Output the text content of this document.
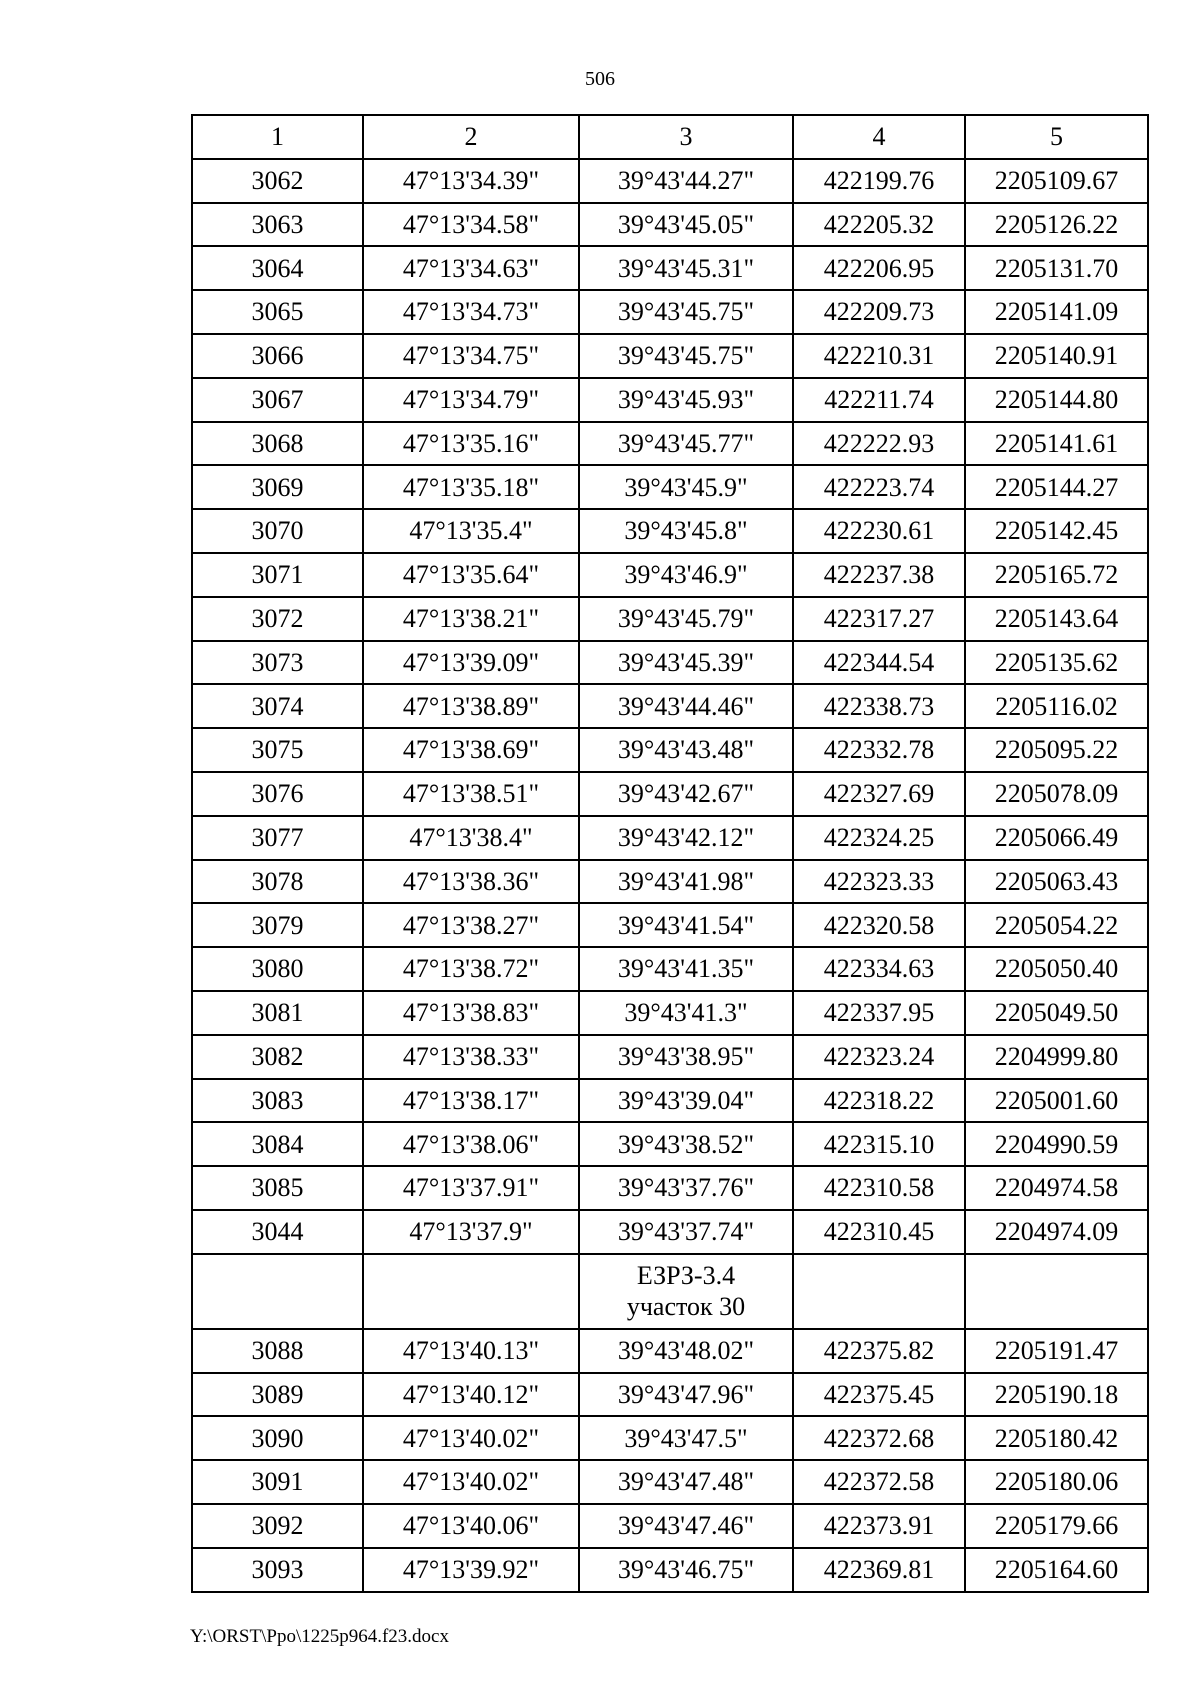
506
1	2	3	4	5
3062	47°13'34.39"	39°43'44.27"	422199.76	2205109.67
3063	47°13'34.58"	39°43'45.05"	422205.32	2205126.22
3064	47°13'34.63"	39°43'45.31"	422206.95	2205131.70
3065	47°13'34.73"	39°43'45.75"	422209.73	2205141.09
3066	47°13'34.75"	39°43'45.75"	422210.31	2205140.91
3067	47°13'34.79"	39°43'45.93"	422211.74	2205144.80
3068	47°13'35.16"	39°43'45.77"	422222.93	2205141.61
3069	47°13'35.18"	39°43'45.9"	422223.74	2205144.27
3070	47°13'35.4"	39°43'45.8"	422230.61	2205142.45
3071	47°13'35.64"	39°43'46.9"	422237.38	2205165.72
3072	47°13'38.21"	39°43'45.79"	422317.27	2205143.64
3073	47°13'39.09"	39°43'45.39"	422344.54	2205135.62
3074	47°13'38.89"	39°43'44.46"	422338.73	2205116.02
3075	47°13'38.69"	39°43'43.48"	422332.78	2205095.22
3076	47°13'38.51"	39°43'42.67"	422327.69	2205078.09
3077	47°13'38.4"	39°43'42.12"	422324.25	2205066.49
3078	47°13'38.36"	39°43'41.98"	422323.33	2205063.43
3079	47°13'38.27"	39°43'41.54"	422320.58	2205054.22
3080	47°13'38.72"	39°43'41.35"	422334.63	2205050.40
3081	47°13'38.83"	39°43'41.3"	422337.95	2205049.50
3082	47°13'38.33"	39°43'38.95"	422323.24	2204999.80
3083	47°13'38.17"	39°43'39.04"	422318.22	2205001.60
3084	47°13'38.06"	39°43'38.52"	422315.10	2204990.59
3085	47°13'37.91"	39°43'37.76"	422310.58	2204974.58
3044	47°13'37.9"	39°43'37.74"	422310.45	2204974.09

		ЕЗРЗ-3.4
участок 30		

3088	47°13'40.13"	39°43'48.02"	422375.82	2205191.47
3089	47°13'40.12"	39°43'47.96"	422375.45	2205190.18
3090	47°13'40.02"	39°43'47.5"	422372.68	2205180.42
3091	47°13'40.02"	39°43'47.48"	422372.58	2205180.06
3092	47°13'40.06"	39°43'47.46"	422373.91	2205179.66
3093	47°13'39.92"	39°43'46.75"	422369.81	2205164.60
Y:\ORST\Ppo\1225p964.f23.docx
